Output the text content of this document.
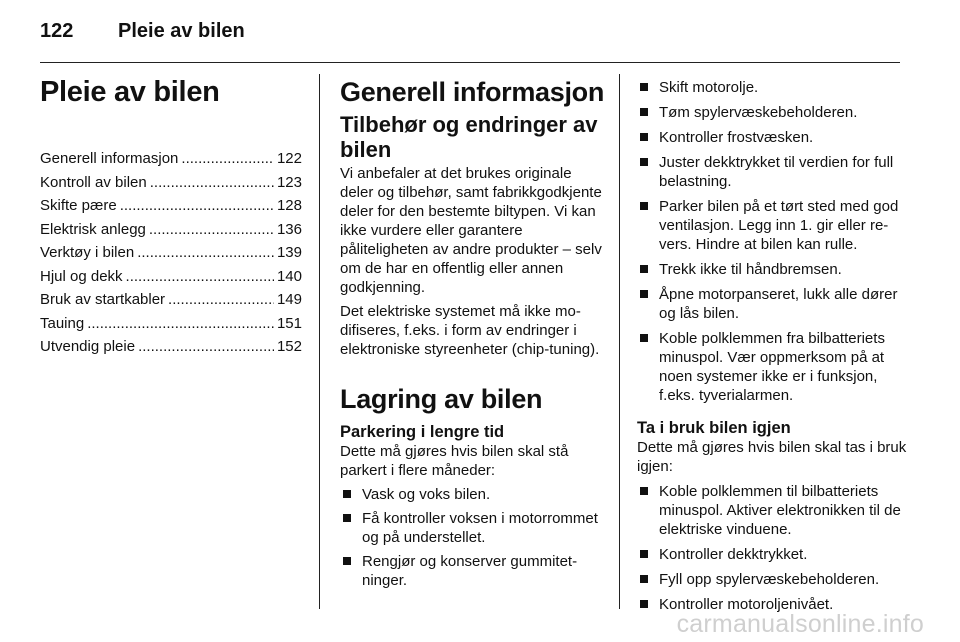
122 Pleie av bilen
Pleie av bilen
Generell informasjon .....	122
Kontroll av bilen .....	123
Skifte pære .....	128
Elektrisk anlegg .....	136
Verktøy i bilen .....	139
Hjul og dekk .....	140
Bruk av startkabler .....	149
Tauing .....	151
Utvendig pleie .....	152
Generell informasjon
Tilbehør og endringer av bilen

Vi anbefaler at det brukes originale deler og tilbehør, samt fabrikkgodkjente deler for den bestemte biltypen. Vi kan ikke vurdere eller garantere påliteligheten av andre produkter – selv om de har en offentlig eller annen godkjenning.

Det elektriske systemet må ikke modifiseres, f.eks. i form av endringer i elektroniske styreenheter (chip-tuning).

Lagring av bilen
Parkering i lengre tid

Dette må gjøres hvis bilen skal stå parkert i flere måneder:

Vask og voks bilen.
Få kontroller voksen i motorrommet og på understellet.
Rengjør og konserver gummitetninger.
Skift motorolje.
Tøm spylervæskebeholderen.
Kontroller frostvæsken.
Juster dekktrykket til verdien for full belastning.
Parker bilen på et tørt sted med god ventilasjon. Legg inn 1. gir eller revers. Hindre at bilen kan rulle.
Trekk ikke til håndbremsen.
Åpne motorpanseret, lukk alle dører og lås bilen.
Koble polklemmen fra bilbatteriets minuspol. Vær oppmerksom på at noen systemer ikke er i funksjon, f.eks. tyverialarmen.
Ta i bruk bilen igjen

Dette må gjøres hvis bilen skal tas i bruk igjen:

Koble polklemmen til bilbatteriets minuspol. Aktiver elektronikken til de elektriske vinduene.
Kontroller dekktrykket.
Fyll opp spylervæskebeholderen.
Kontroller motoroljenivået.
carmanualsonline.info
